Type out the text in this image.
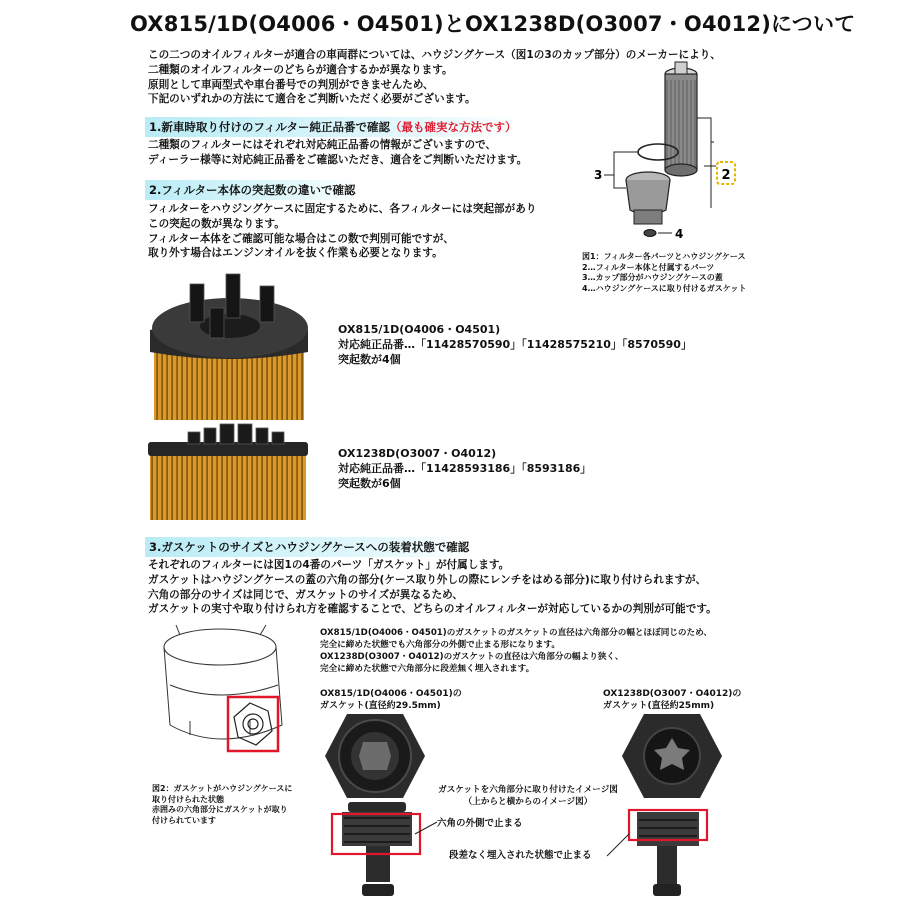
OX815/1D(O4006・O4501)とOX1238D(O3007・O4012)について
この二つのオイルフィルターが適合の車両群については、ハウジングケース（図1の3のカップ部分）のメーカーにより、
二種類のオイルフィルターのどちらが適合するかが異なります。
原則として車両型式や車台番号での判別ができませんため、
下記のいずれかの方法にて適合をご判断いただく必要がございます。
1.新車時取り付けのフィルター純正品番で確認（最も確実な方法です）
二種類のフィルターにはそれぞれ対応純正品番の情報がございますので、
ディーラー様等に対応純正品番をご確認いただき、適合をご判断いただけます。
2.フィルター本体の突起数の違いで確認
フィルターをハウジングケースに固定するために、各フィルターには突起部があり
この突起の数が異なります。
フィルター本体をご確認可能な場合はこの数で判別可能ですが、
取り外す場合はエンジンオイルを抜く作業も必要となります。
2
3
4
図1：フィルター各パーツとハウジングケース
2…フィルター本体と付属するパーツ
3…カップ部分がハウジングケースの蓋
4…ハウジングケースに取り付けるガスケット
OX815/1D(O4006・O4501)
対応純正品番…「11428570590」「11428575210」「8570590」
突起数が4個
OX1238D(O3007・O4012)
対応純正品番…「11428593186」「8593186」
突起数が6個
3.ガスケットのサイズとハウジングケースへの装着状態で確認
それぞれのフィルターには図1の4番のパーツ「ガスケット」が付属します。
ガスケットはハウジングケースの蓋の六角の部分(ケース取り外しの際にレンチをはめる部分)に取り付けられますが、
六角の部分のサイズは同じで、ガスケットのサイズが異なるため、
ガスケットの実寸や取り付けられ方を確認することで、どちらのオイルフィルターが対応しているかの判別が可能です。
図2：ガスケットがハウジングケースに
取り付けられた状態
赤囲みの六角部分にガスケットが取り
付けられています
OX815/1D(O4006・O4501)のガスケットのガスケットの直径は六角部分の幅とほぼ同じのため、
完全に締めた状態でも六角部分の外側で止まる形になります。
OX1238D(O3007・O4012)のガスケットの直径は六角部分の幅より狭く、
完全に締めた状態で六角部分に段差無く埋入されます。
OX815/1D(O4006・O4501)の
ガスケット(直径約29.5mm)
OX1238D(O3007・O4012)の
ガスケット(直径約25mm)
ガスケットを六角部分に取り付けたイメージ図
（上からと横からのイメージ図）
六角の外側で止まる
段差なく埋入された状態で止まる
